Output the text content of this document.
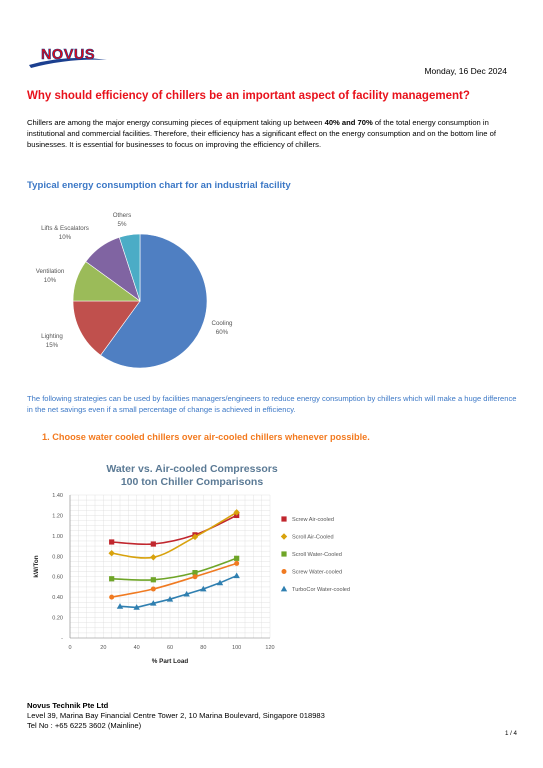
NOVUS
Monday, 16 Dec 2024
Why should efficiency of chillers be an important aspect of facility management?
Chillers are among the major energy consuming pieces of equipment taking up between 40% and 70% of the total energy consumption in institutional and commercial facilities. Therefore, their efficiency has a significant effect on the energy consumption and on the bottom line of businesses. It is essential for businesses to focus on improving the efficiency of chillers.
Typical energy consumption chart for an industrial facility
Cooling
60%
Lighting
15%
Ventilation
10%
Lifts & Escalators
10%
Others
5%
The following strategies can be used by facilities managers/engineers to reduce energy consumption by chillers which will make a huge difference in the net savings even if a small percentage of change is achieved in efficiency.
1. Choose water cooled chillers over air-cooled chillers whenever possible.
Water vs. Air-cooled Compressors
100 ton Chiller Comparisons
0	20	40	60	80	100	120
-
0.20
0.40
0.60
0.80
1.00
1.20
1.40
% Part Load
kW/Ton
Screw Air-cooled
Scroll Air-Cooled
Scroll Water-Cooled
Screw Water-cooled
TurboCor Water-cooled
Novus Technik Pte Ltd
Level 39, Marina Bay Financial Centre Tower 2, 10 Marina Boulevard, Singapore 018983
Tel No : +65 6225 3602 (Mainline)
1 / 4
